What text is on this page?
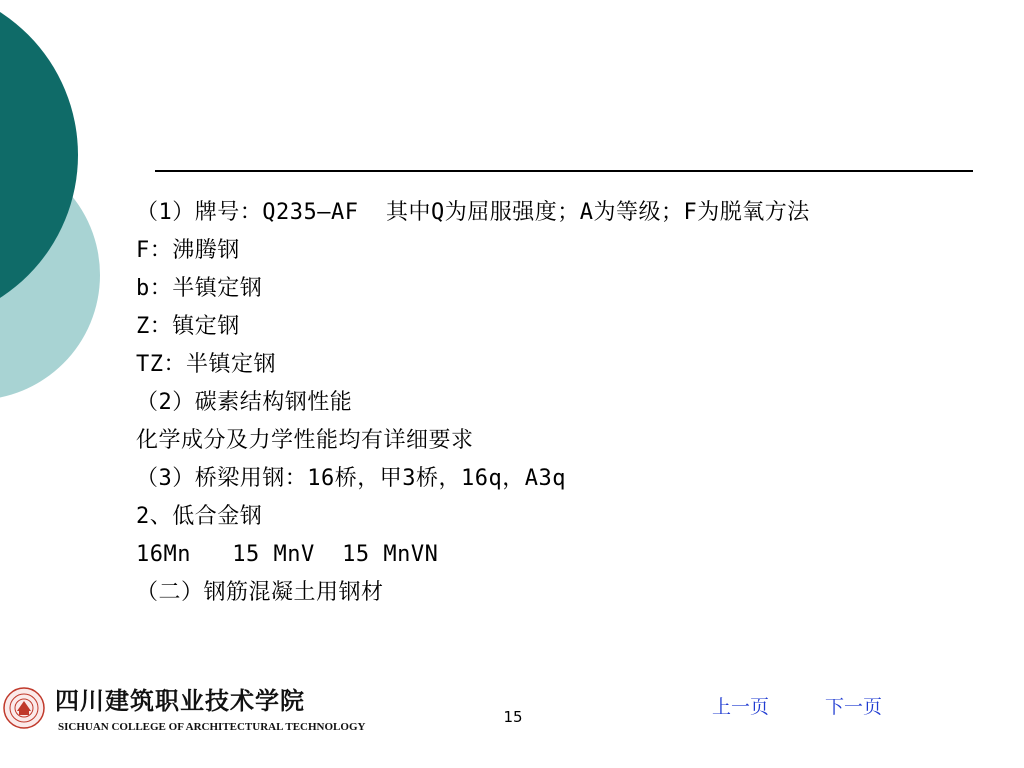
（1）牌号：Q235—AF  其中Q为屈服强度；A为等级；F为脱氧方法
F：沸腾钢
b：半镇定钢
Z：镇定钢
TZ：半镇定钢
（2）碳素结构钢性能
化学成分及力学性能均有详细要求
（3）桥梁用钢：16桥，甲3桥，16q，A3q
2、低合金钢
16Mn   15 MnV  15 MnVN
（二）钢筋混凝土用钢材
四川建筑职业技术学院
SICHUAN COLLEGE OF ARCHITECTURAL TECHNOLOGY
15	上一页	下一页
